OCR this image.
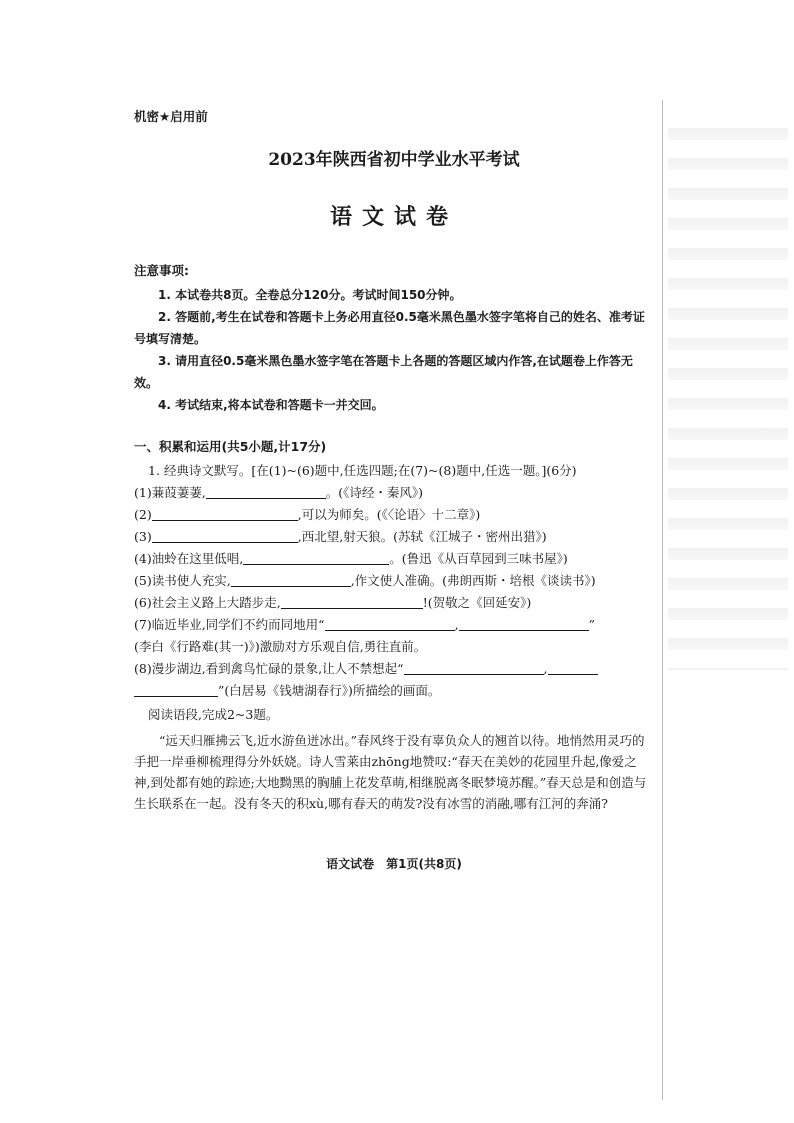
机密★启用前
2023年陕西省初中学业水平考试
语文试卷
注意事项:
1. 本试卷共8页。全卷总分120分。考试时间150分钟。
2. 答题前,考生在试卷和答题卡上务必用直径0.5毫米黑色墨水签字笔将自己的姓名、准考证号填写清楚。
3. 请用直径0.5毫米黑色墨水签字笔在答题卡上各题的答题区域内作答,在试题卷上作答无效。
4. 考试结束,将本试卷和答题卡一并交回。
一、积累和运用(共5小题,计17分)
1. 经典诗文默写。[在(1)~(6)题中,任选四题;在(7)~(8)题中,任选一题。](6分)
(1)蒹葭萋萋,	。(《诗经・秦风》)
(2)	,可以为师矣。(《〈论语〉十二章》)
(3)	,西北望,射天狼。(苏轼《江城子・密州出猎》)
(4)油蛉在这里低唱,	。(鲁迅《从百草园到三味书屋》)
(5)读书使人充实,	,作文使人准确。(弗朗西斯・培根《谈读书》)
(6)社会主义路上大踏步走,	!(贺敬之《回延安》)
(7)临近毕业,同学们不约而同地用“	,	”
(李白《行路难(其一)》)激励对方乐观自信,勇往直前。
(8)漫步湖边,看到禽鸟忙碌的景象,让人不禁想起“	,
”(白居易《钱塘湖春行》)所描绘的画面。
阅读语段,完成2~3题。
“远天归雁拂云飞,近水游鱼迸冰出。”春风终于没有辜负众人的翘首以待。地悄然用灵巧的手把一岸垂柳梳理得分外妖娆。诗人雪莱由zhōng地赞叹:“春天在美妙的花园里升起,像爱之神,到处都有她的踪迹;大地黝黑的胸脯上花发草萌,相继脱离冬眠梦境苏醒。”春天总是和创造与生长联系在一起。没有冬天的积xù,哪有春天的萌发?没有冰雪的消融,哪有江河的奔涌?
语文试卷　第1页(共8页)
